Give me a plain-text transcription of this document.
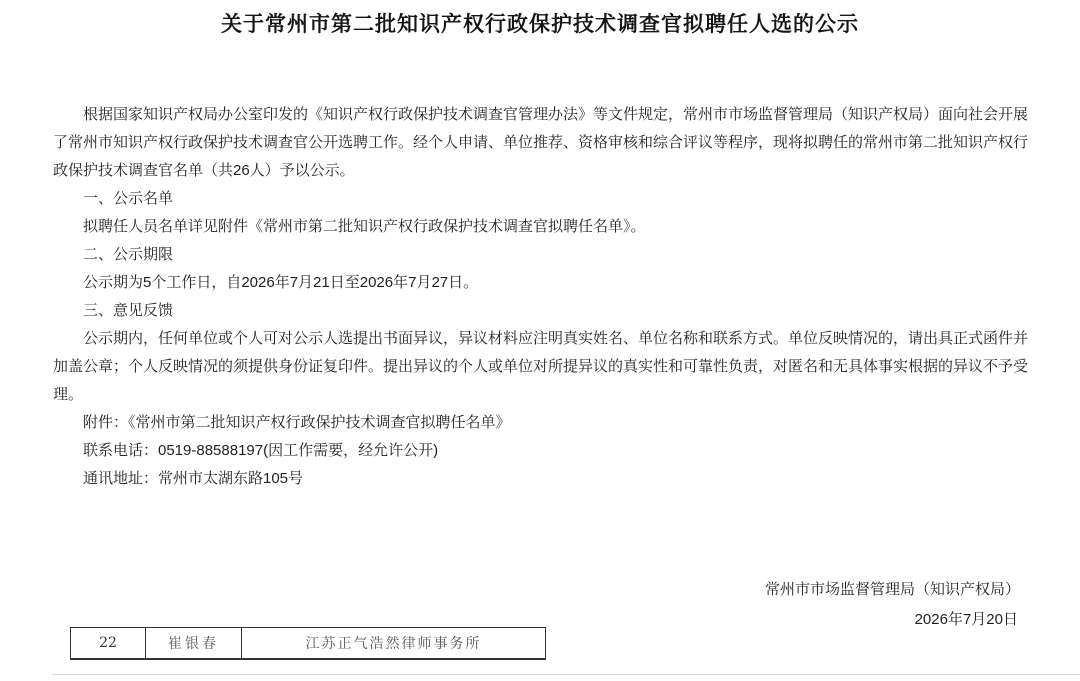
关于常州市第二批知识产权行政保护技术调查官拟聘任人选的公示

根据国家知识产权局办公室印发的《知识产权行政保护技术调查官管理办法》等文件规定，常州市市场监督管理局（知识产权局）面向社会开展了常州市知识产权行政保护技术调查官公开选聘工作。经个人申请、单位推荐、资格审核和综合评议等程序，现将拟聘任的常州市第二批知识产权行政保护技术调查官名单（共26人）予以公示。

一、公示名单

拟聘任人员名单详见附件《常州市第二批知识产权行政保护技术调查官拟聘任名单》。

二、公示期限

公示期为5个工作日，自2026年7月21日至2026年7月27日。

三、意见反馈

公示期内，任何单位或个人可对公示人选提出书面异议，异议材料应注明真实姓名、单位名称和联系方式。单位反映情况的，请出具正式函件并加盖公章；个人反映情况的须提供身份证复印件。提出异议的个人或单位对所提异议的真实性和可靠性负责，对匿名和无具体事实根据的异议不予受理。

附件：《常州市第二批知识产权行政保护技术调查官拟聘任名单》

联系电话：0519-88588197(因工作需要，经允许公开)

通讯地址：常州市太湖东路105号

常州市市场监督管理局（知识产权局）
2026年7月20日
22	崔银春	江苏正气浩然律师事务所
